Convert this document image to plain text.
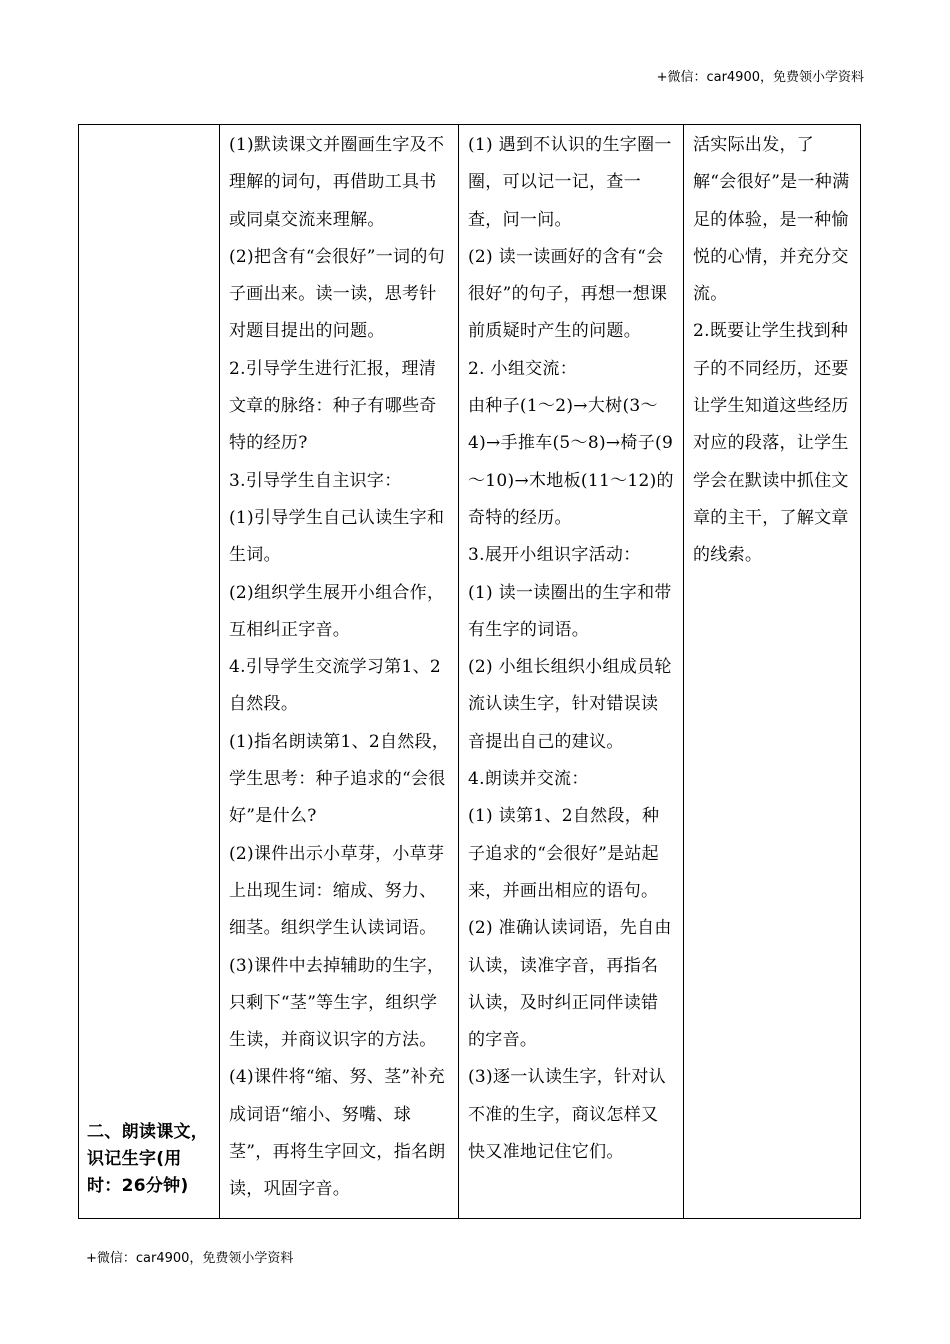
+微信：car4900，免费领小学资料
二、朗读课文，识记生字(用时：26分钟)

(1)默读课文并圈画生字及不理解的词句，再借助工具书或同桌交流来理解。
(2)把含有“会很好”一词的句子画出来。读一读，思考针对题目提出的问题。
2.引导学生进行汇报，理清文章的脉络：种子有哪些奇特的经历?
3.引导学生自主识字：
(1)引导学生自己认读生字和生词。
(2)组织学生展开小组合作，互相纠正字音。
4.引导学生交流学习第1、2自然段。
(1)指名朗读第1、2自然段，学生思考：种子追求的“会很好”是什么?
(2)课件出示小草芽，小草芽上出现生词：缩成、努力、细茎。组织学生认读词语。(3)课件中去掉辅助的生字，只剩下“茎”等生字，组织学生读，并商议识字的方法。
(4)课件将“缩、努、茎”补充成词语“缩小、努嘴、球茎”，再将生字回文，指名朗读，巩固字音。

(1) 遇到不认识的生字圈一圈，可以记一记，查一查，问一问。
(2) 读一读画好的含有“会很好”的句子，再想一想课前质疑时产生的问题。
2. 小组交流：
由种子(1～2)→大树(3～4)→手推车(5～8)→椅子(9～10)→木地板(11～12)的奇特的经历。
3.展开小组识字活动：
(1) 读一读圈出的生字和带有生字的词语。
(2) 小组长组织小组成员轮流认读生字，针对错误读音提出自己的建议。
4.朗读并交流：
(1) 读第1、2自然段，种子追求的“会很好”是站起来，并画出相应的语句。
(2) 准确认读词语，先自由认读，读准字音，再指名认读，及时纠正同伴读错的字音。
(3)逐一认读生字，针对认不准的生字，商议怎样又快又准地记住它们。

活实际出发，了解“会很好”是一种满足的体验，是一种愉悦的心情，并充分交流。
2.既要让学生找到种子的不同经历，还要让学生知道这些经历对应的段落，让学生学会在默读中抓住文章的主干，了解文章的线索。
+微信：car4900，免费领小学资料
